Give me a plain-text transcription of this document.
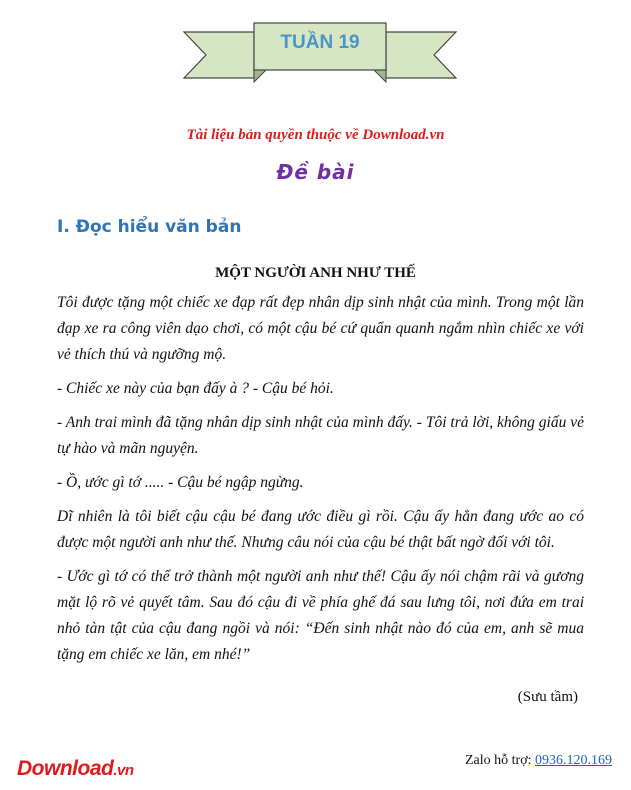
TUẦN 19
Tài liệu bản quyền thuộc về Download.vn
Đề bài
I. Đọc hiểu văn bản
MỘT NGƯỜI ANH NHƯ THẾ

Tôi được tặng một chiếc xe đạp rất đẹp nhân dịp sinh nhật của mình. Trong một lần đạp xe ra công viên dạo chơi, có một cậu bé cứ quẩn quanh ngắm nhìn chiếc xe với vẻ thích thú và ngưỡng mộ.

- Chiếc xe này của bạn đấy à ? - Cậu bé hỏi.

- Anh trai mình đã tặng nhân dịp sinh nhật của mình đấy. - Tôi trả lời, không giấu vẻ tự hào và mãn nguyện.

- Ồ, ước gì tớ ..... - Cậu bé ngập ngừng.

Dĩ nhiên là tôi biết cậu cậu bé đang ước điều gì rồi. Cậu ấy hẳn đang ước ao có được một người anh như thế. Nhưng câu nói của cậu bé thật bất ngờ đối với tôi.

- Ước gì tớ có thể trở thành một người anh như thế! Cậu ấy nói chậm rãi và gương mặt lộ rõ vẻ quyết tâm. Sau đó cậu đi về phía ghế đá sau lưng tôi, nơi đứa em trai nhỏ tàn tật của cậu đang ngồi và nói: “Đến sinh nhật nào đó của em, anh sẽ mua tặng em chiếc xe lăn, em nhé!”

(Sưu tầm)
Download.vn
Zalo hỗ trợ: 0936.120.169
